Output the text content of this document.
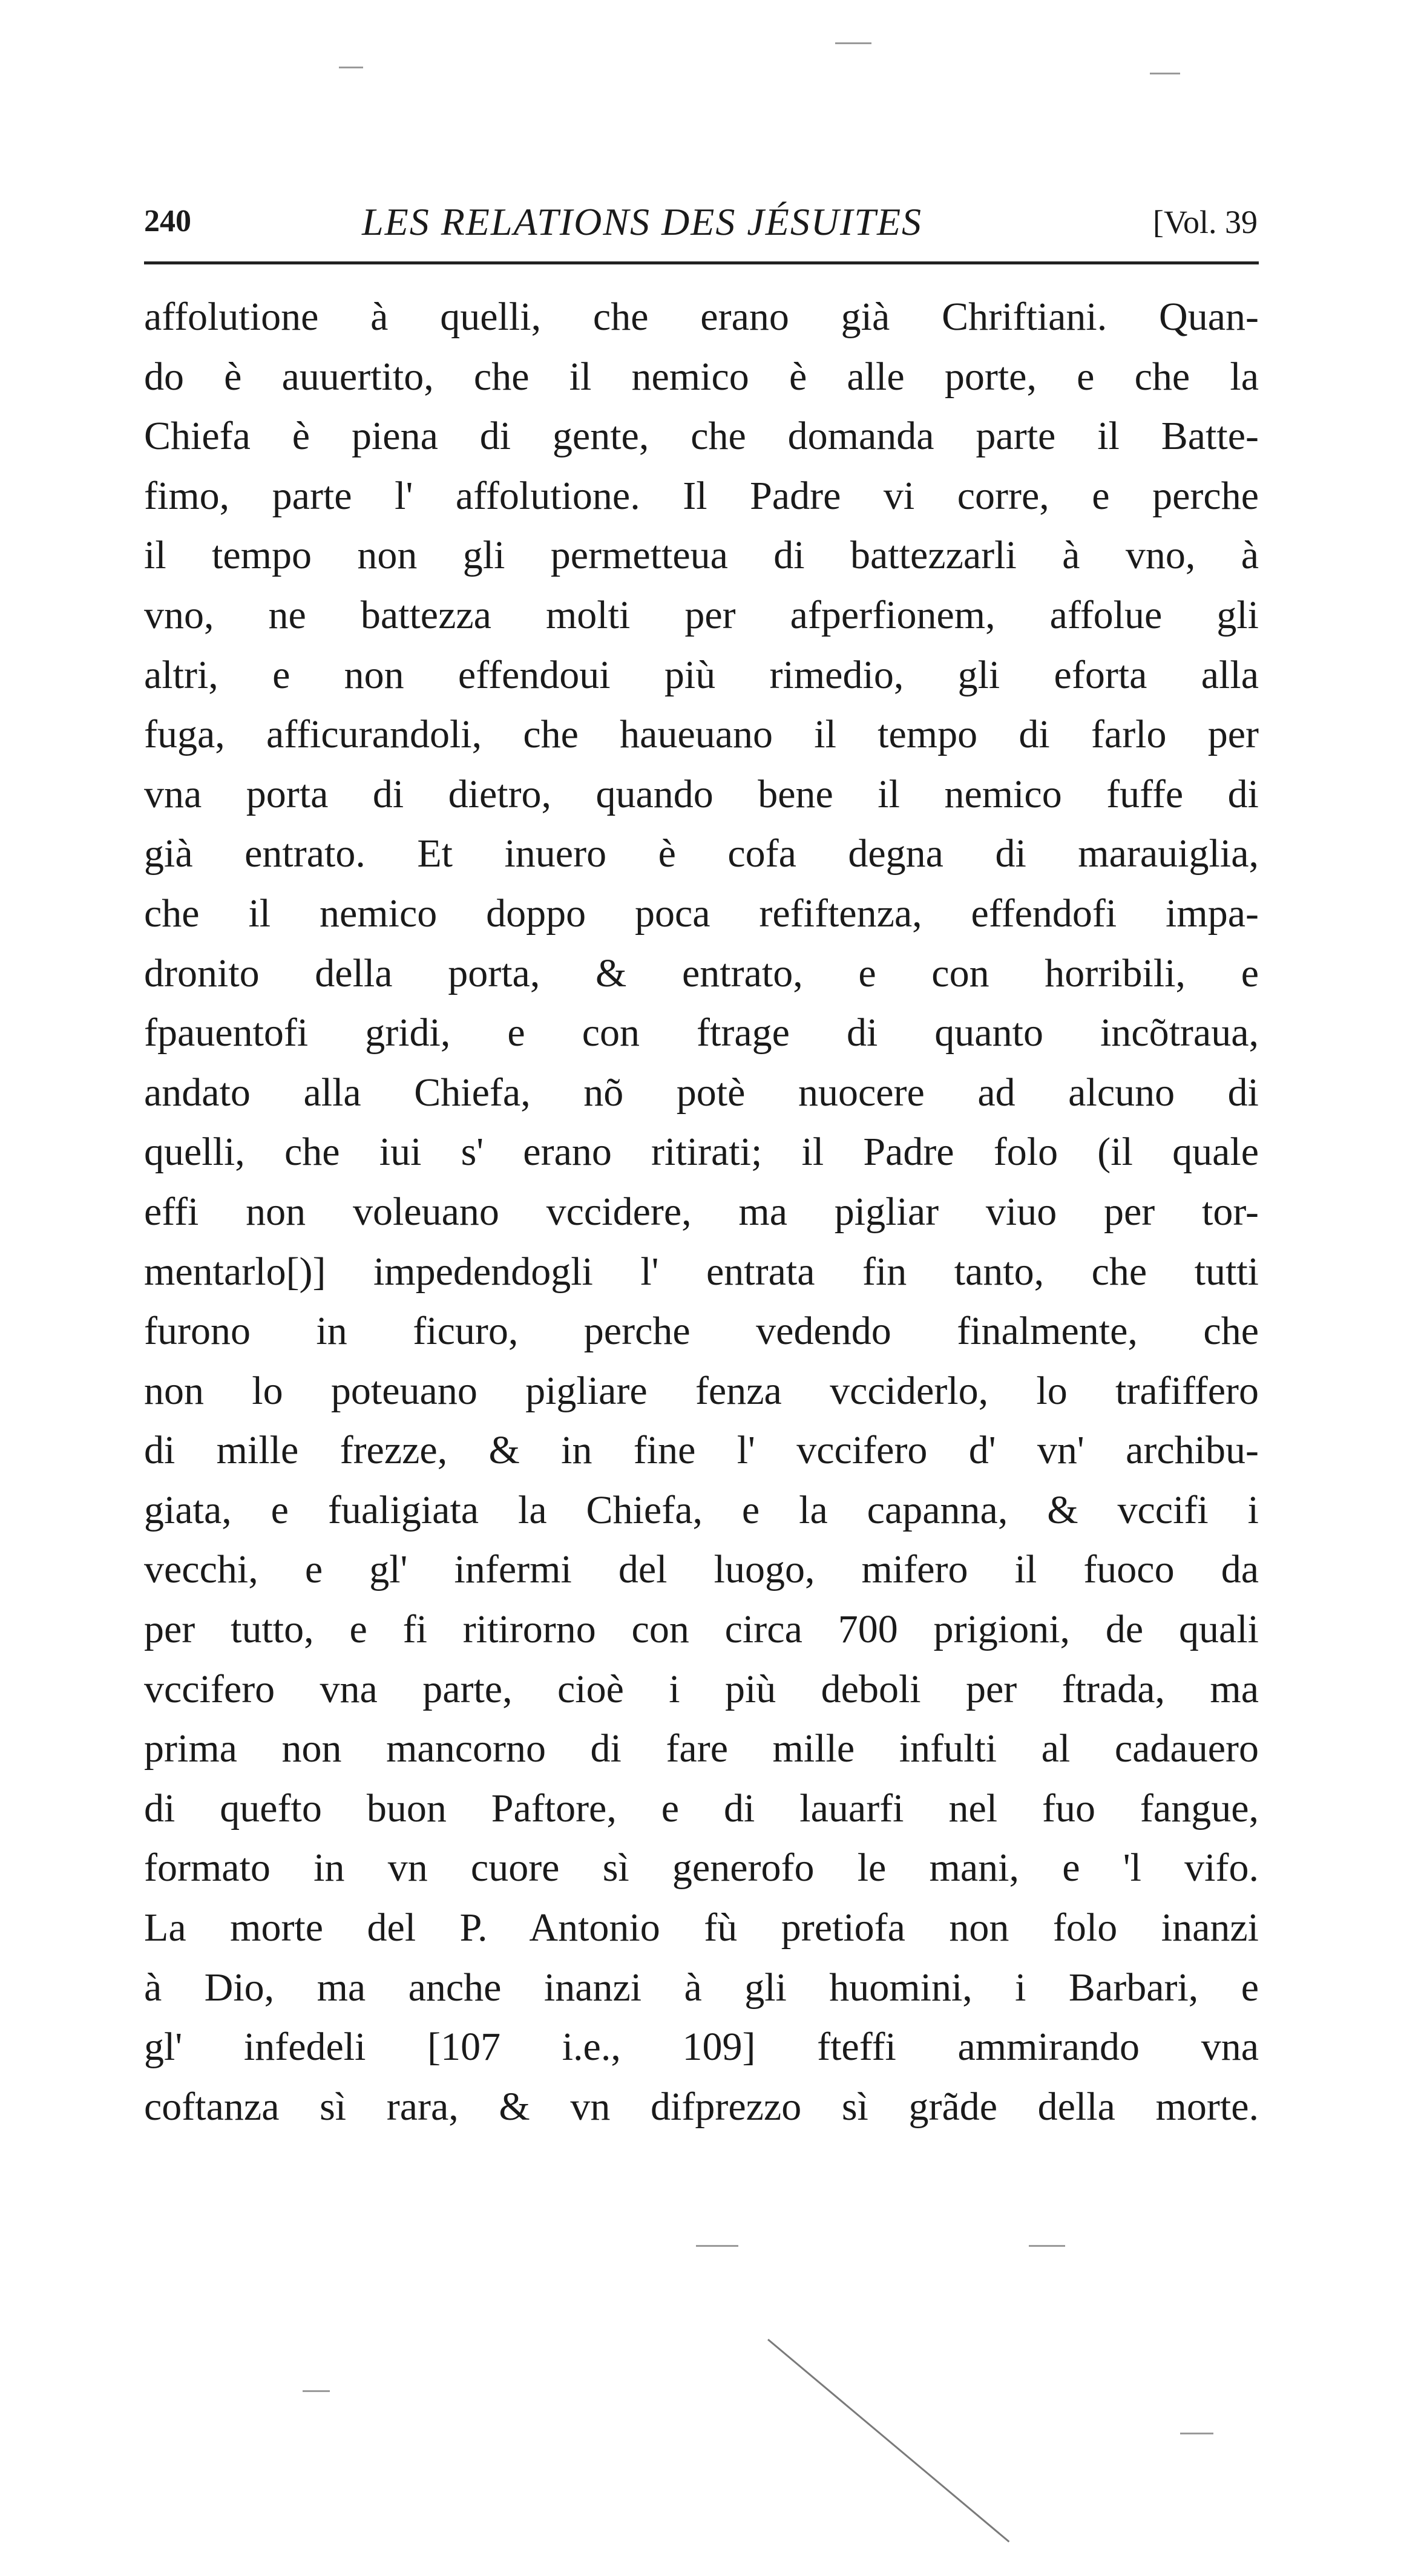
240	LES RELATIONS DES JÉSUITES	[Vol. 39
affolutione à quelli, che erano già Chriftiani. Quan-
do è auuertito, che il nemico è alle porte, e che la
Chiefa è piena di gente, che domanda parte il Batte-
fimo, parte l' affolutione. Il Padre vi corre, e perche
il tempo non gli permetteua di battezzarli à vno, à
vno, ne battezza molti per afperfionem, affolue gli
altri, e non effendoui più rimedio, gli eforta alla
fuga, afficurandoli, che haueuano il tempo di farlo per
vna porta di dietro, quando bene il nemico fuffe di
già entrato. Et inuero è cofa degna di marauiglia,
che il nemico doppo poca refiftenza, effendofi impa-
dronito della porta, & entrato, e con horribili, e
fpauentofi gridi, e con ftrage di quanto incõtraua,
andato alla Chiefa, nõ potè nuocere ad alcuno di
quelli, che iui s' erano ritirati; il Padre folo (il quale
effi non voleuano vccidere, ma pigliar viuo per tor-
mentarlo[)] impedendogli l' entrata fin tanto, che tutti
furono in ficuro, perche vedendo finalmente, che
non lo poteuano pigliare fenza vcciderlo, lo trafiffero
di mille frezze, & in fine l' vccifero d' vn' archibu-
giata, e fualigiata la Chiefa, e la capanna, & vccifi i
vecchi, e gl' infermi del luogo, mifero il fuoco da
per tutto, e fi ritirorno con circa 700 prigioni, de quali
vccifero vna parte, cioè i più deboli per ftrada, ma
prima non mancorno di fare mille infulti al cadauero
di quefto buon Paftore, e di lauarfi nel fuo fangue,
formato in vn cuore sì generofo le mani, e 'l vifo.
La morte del P. Antonio fù pretiofa non folo inanzi
à Dio, ma anche inanzi à gli huomini, i Barbari, e
gl' infedeli [107 i.e., 109] fteffi ammirando vna
coftanza sì rara, & vn difprezzo sì grãde della morte.
